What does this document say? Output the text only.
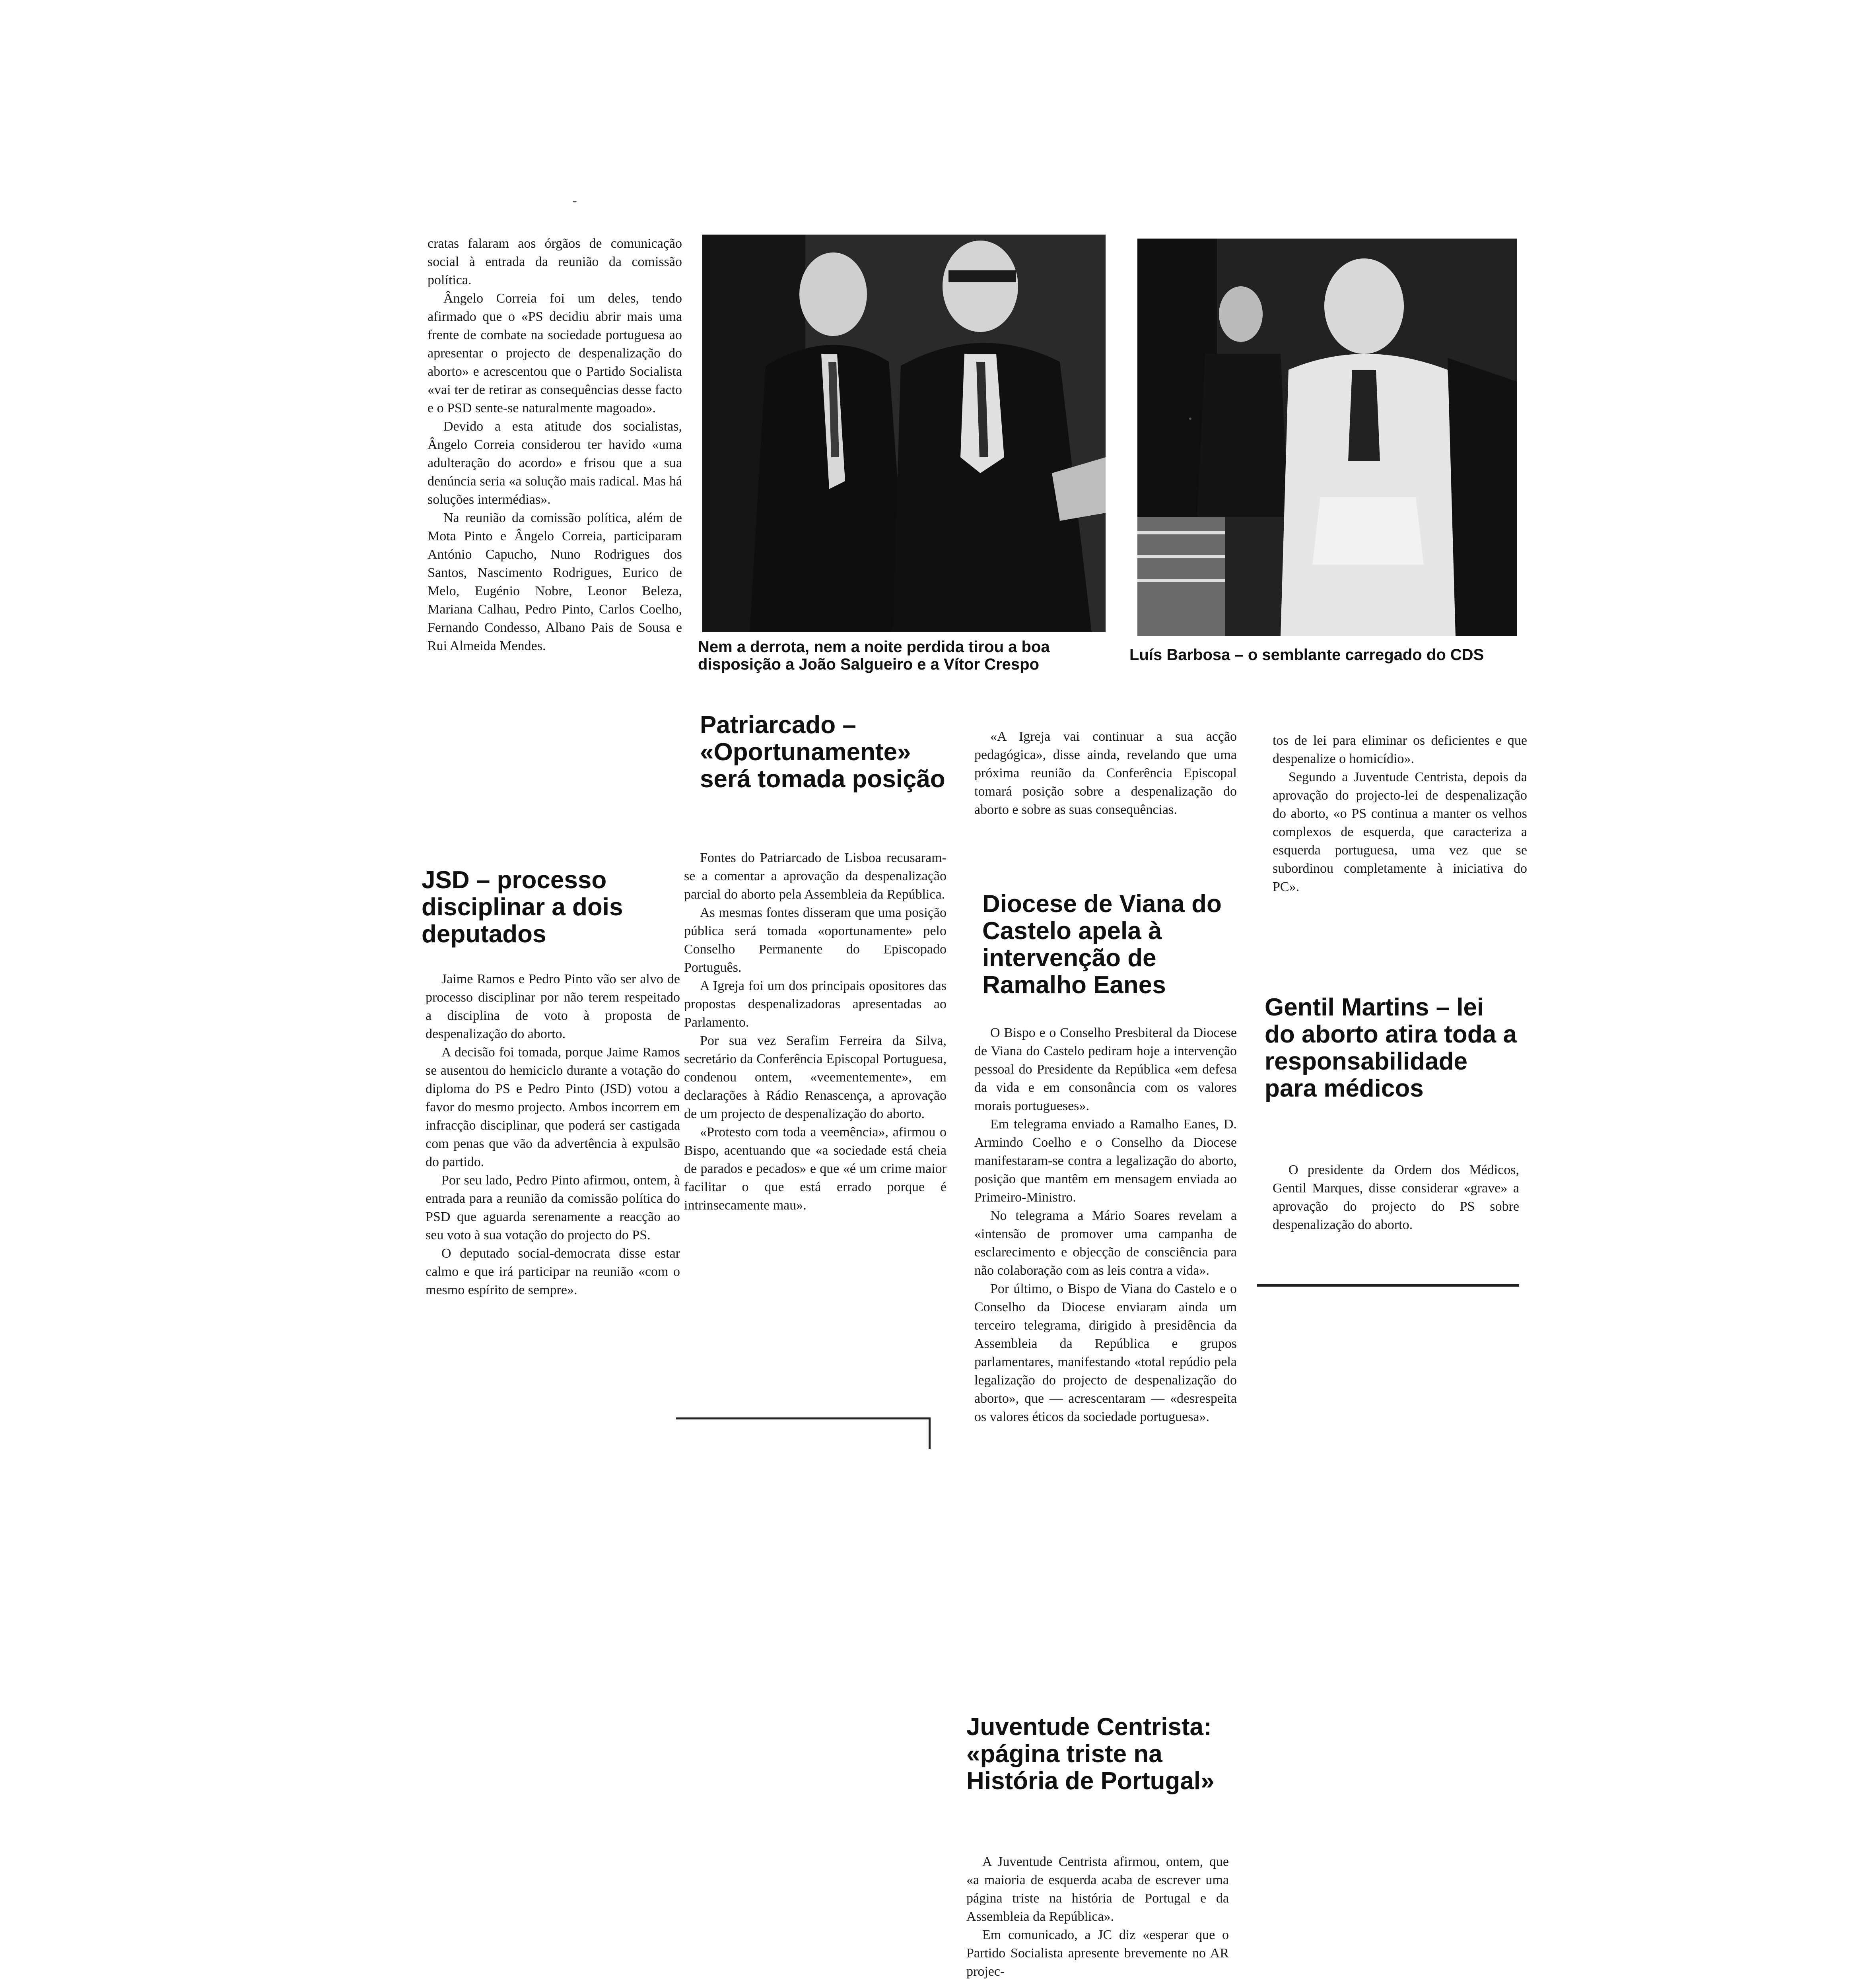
cratas falaram aos órgãos de comunicação social à entrada da reunião da comissão política.

Ângelo Correia foi um deles, tendo afirmado que o «PS decidiu abrir mais uma frente de combate na sociedade portuguesa ao apresentar o projecto de despenalização do aborto» e acrescentou que o Partido Socialista «vai ter de retirar as consequências desse facto e o PSD sente-se naturalmente magoado».

Devido a esta atitude dos socialistas, Ângelo Correia considerou ter havido «uma adulteração do acordo» e frisou que a sua denúncia seria «a solução mais radical. Mas há soluções intermédias».

Na reunião da comissão política, além de Mota Pinto e Ângelo Correia, participaram António Capucho, Nuno Rodrigues dos Santos, Nascimento Rodrigues, Eurico de Melo, Eugénio Nobre, Leonor Beleza, Mariana Calhau, Pedro Pinto, Carlos Coelho, Fernando Condesso, Albano Pais de Sousa e Rui Almeida Mendes.

JSD – processo disciplinar a dois deputados

Jaime Ramos e Pedro Pinto vão ser alvo de processo disciplinar por não terem respeitado a disciplina de voto à proposta de despenalização do aborto.

A decisão foi tomada, porque Jaime Ramos se ausentou do hemiciclo durante a votação do diploma do PS e Pedro Pinto (JSD) votou a favor do mesmo projecto. Ambos incorrem em infracção disciplinar, que poderá ser castigada com penas que vão da advertência à expulsão do partido.

Por seu lado, Pedro Pinto afirmou, ontem, à entrada para a reunião da comissão política do PSD que aguarda serenamente a reacção ao seu voto à sua votação do projecto do PS.

O deputado social-democrata disse estar calmo e que irá participar na reunião «com o mesmo espírito de sempre».

Nem a derrota, nem a noite perdida tirou a boa disposição a João Salgueiro e a Vítor Crespo
Luís Barbosa – o semblante carregado do CDS
Patriarcado – «Oportunamente» será tomada posição

Fontes do Patriarcado de Lisboa recusaram-se a comentar a aprovação da despenalização parcial do aborto pela Assembleia da República.

As mesmas fontes disseram que uma posição pública será tomada «oportunamente» pelo Conselho Permanente do Episcopado Português.

A Igreja foi um dos principais opositores das propostas despenalizadoras apresentadas ao Parlamento.

Por sua vez Serafim Ferreira da Silva, secretário da Conferência Episcopal Portuguesa, condenou ontem, «veementemente», em declarações à Rádio Renascença, a aprovação de um projecto de despenalização do aborto.

«Protesto com toda a veemência», afirmou o Bispo, acentuando que «a sociedade está cheia de parados e pecados» e que «é um crime maior facilitar o que está errado porque é intrinsecamente mau».

«A Igreja vai continuar a sua acção pedagógica», disse ainda, revelando que uma próxima reunião da Conferência Episcopal tomará posição sobre a despenalização do aborto e sobre as suas consequências.

Diocese de Viana do Castelo apela à intervenção de Ramalho Eanes

O Bispo e o Conselho Presbiteral da Diocese de Viana do Castelo pediram hoje a intervenção pessoal do Presidente da República «em defesa da vida e em consonância com os valores morais portugueses».

Em telegrama enviado a Ramalho Eanes, D. Armindo Coelho e o Conselho da Diocese manifestaram-se contra a legalização do aborto, posição que mantêm em mensagem enviada ao Primeiro-Ministro.

No telegrama a Mário Soares revelam a «intensão de promover uma campanha de esclarecimento e objecção de consciência para não colaboração com as leis contra a vida».

Por último, o Bispo de Viana do Castelo e o Conselho da Diocese enviaram ainda um terceiro telegrama, dirigido à presidência da Assembleia da República e grupos parlamentares, manifestando «total repúdio pela legalização do projecto de despenalização do aborto», que — acrescentaram — «desrespeita os valores éticos da sociedade portuguesa».

Juventude Centrista: «página triste na História de Portugal»

A Juventude Centrista afirmou, ontem, que «a maioria de esquerda acaba de escrever uma página triste na história de Portugal e da Assembleia da República».

Em comunicado, a JC diz «esperar que o Partido Socialista apresente brevemente no AR projec-

tos de lei para eliminar os deficientes e que despenalize o homicídio».

Segundo a Juventude Centrista, depois da aprovação do projecto-lei de despenalização do aborto, «o PS continua a manter os velhos complexos de esquerda, que caracteriza a esquerda portuguesa, uma vez que se subordinou completamente à iniciativa do PC».

Gentil Martins – lei do aborto atira toda a responsabilidade para médicos

O presidente da Ordem dos Médicos, Gentil Marques, disse considerar «grave» a aprovação do projecto do PS sobre despenalização do aborto.
